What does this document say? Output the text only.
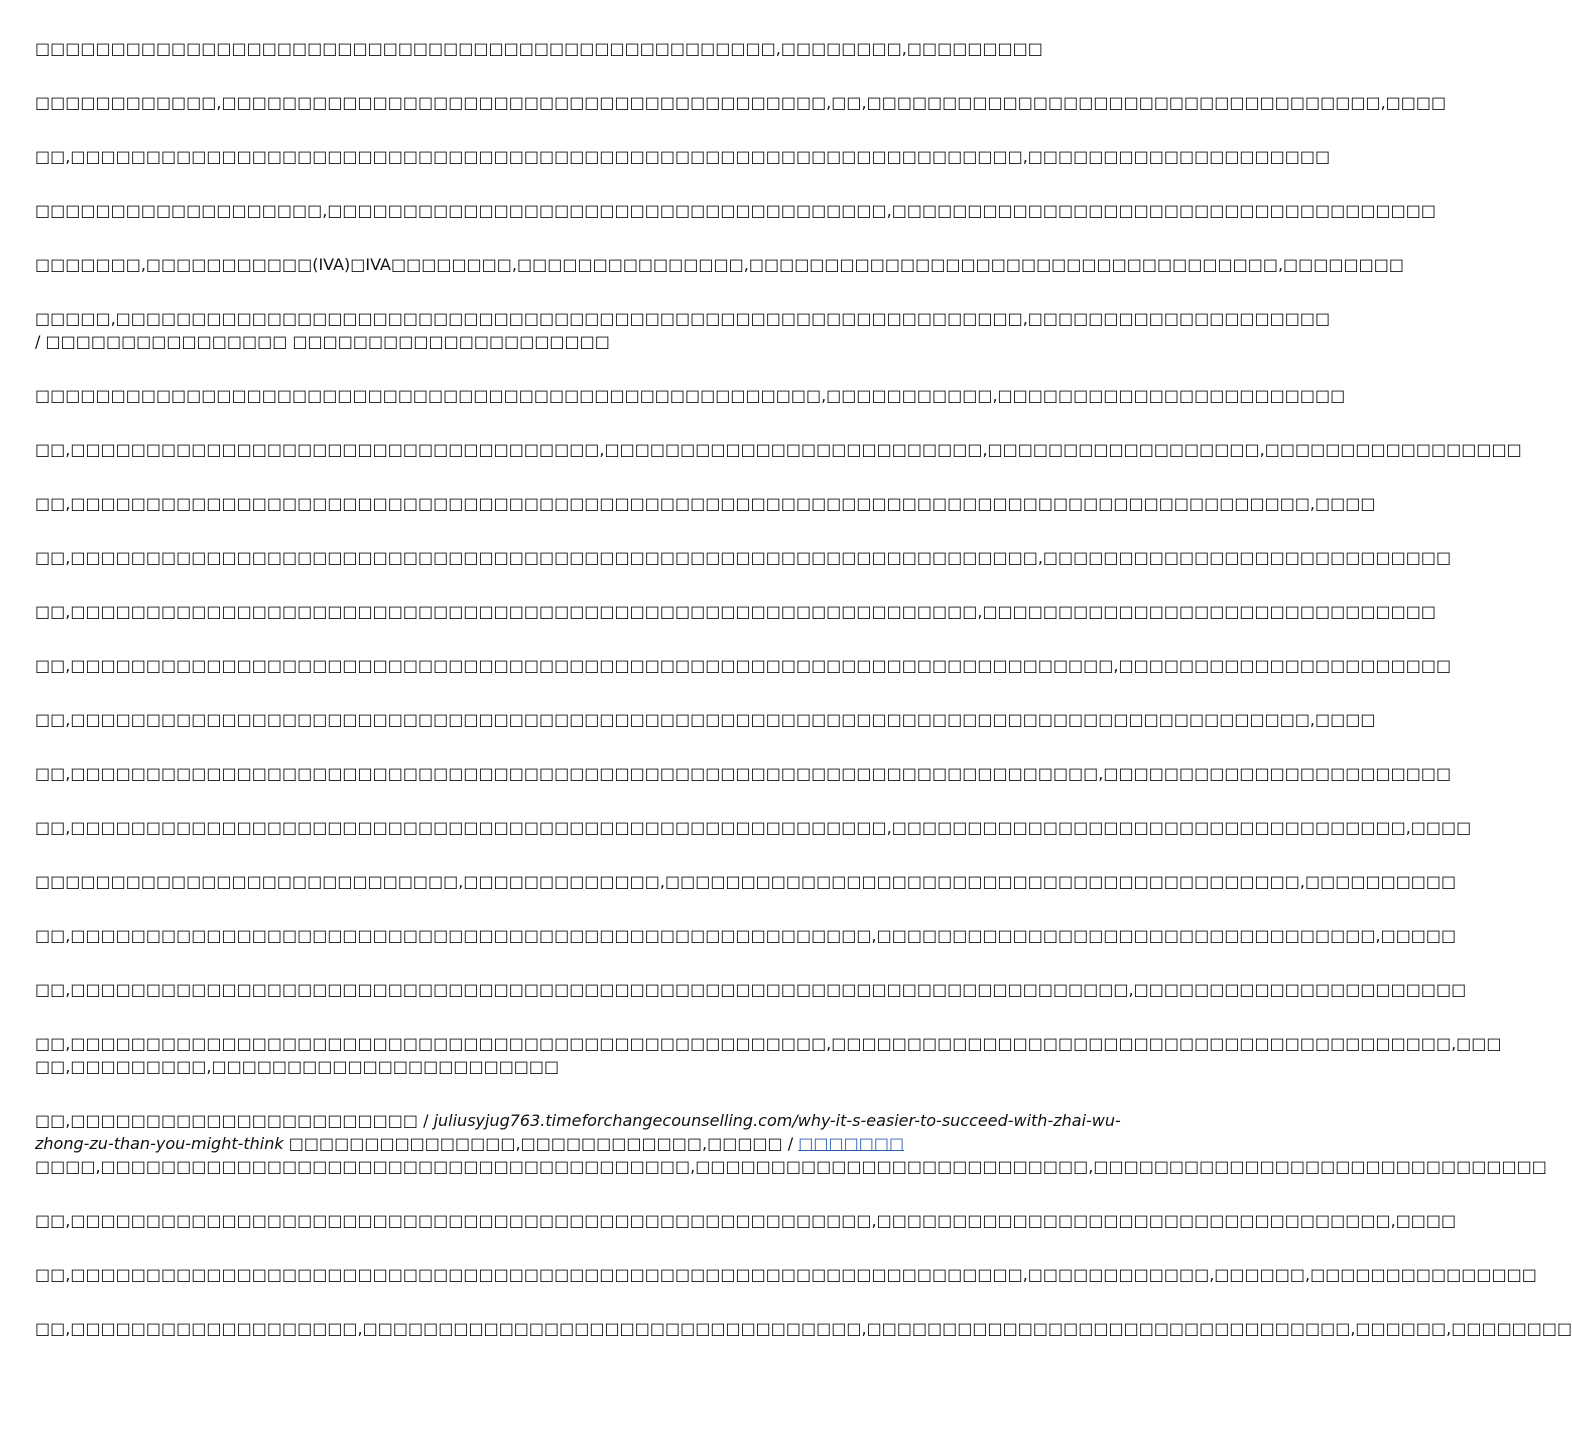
□□□□□□□□□□□□□□□□□□□□□□□□□□□□□□□□□□□□□□□□□□□□□□□□□,□□□□□□□□,□□□□□□□□□

□□□□□□□□□□□□,□□□□□□□□□□□□□□□□□□□□□□□□□□□□□□□□□□□□□□□□,□□,□□□□□□□□□□□□□□□□□□□□□□□□□□□□□□□□□□,□□□□

□□,□□□□□□□□□□□□□□□□□□□□□□□□□□□□□□□□□□□□□□□□□□□□□□□□□□□□□□□□□□□□□□□,□□□□□□□□□□□□□□□□□□□□

□□□□□□□□□□□□□□□□□□□,□□□□□□□□□□□□□□□□□□□□□□□□□□□□□□□□□□□□□,□□□□□□□□□□□□□□□□□□□□□□□□□□□□□□□□□□□□

□□□□□□□,□□□□□□□□□□□(IVA)□IVA□□□□□□□□,□□□□□□□□□□□□□□□,□□□□□□□□□□□□□□□□□□□□□□□□□□□□□□□□□□□,□□□□□□□□

□□□□□,□□□□□□□□□□□□□□□□□□□□□□□□□□□□□□□□□□□□□□□□□□□□□□□□□□□□□□□□□□□□,□□□□□□□□□□□□□□□□□□□□
/ □□□□□□□□□□□□□□□□ □□□□□□□□□□□□□□□□□□□□□

□□□□□□□□□□□□□□□□□□□□□□□□□□□□□□□□□□□□□□□□□□□□□□□□□□□□,□□□□□□□□□□□,□□□□□□□□□□□□□□□□□□□□□□□

□□,□□□□□□□□□□□□□□□□□□□□□□□□□□□□□□□□□□□,□□□□□□□□□□□□□□□□□□□□□□□□□,□□□□□□□□□□□□□□□□□□,□□□□□□□□□□□□□□□□□

□□,□□□□□□□□□□□□□□□□□□□□□□□□□□□□□□□□□□□□□□□□□□□□□□□□□□□□□□□□□□□□□□□□□□□□□□□□□□□□□□□□□□,□□□□

□□,□□□□□□□□□□□□□□□□□□□□□□□□□□□□□□□□□□□□□□□□□□□□□□□□□□□□□□□□□□□□□□□□,□□□□□□□□□□□□□□□□□□□□□□□□□□□

□□,□□□□□□□□□□□□□□□□□□□□□□□□□□□□□□□□□□□□□□□□□□□□□□□□□□□□□□□□□□□□,□□□□□□□□□□□□□□□□□□□□□□□□□□□□□□

□□,□□□□□□□□□□□□□□□□□□□□□□□□□□□□□□□□□□□□□□□□□□□□□□□□□□□□□□□□□□□□□□□□□□□□□,□□□□□□□□□□□□□□□□□□□□□□

□□,□□□□□□□□□□□□□□□□□□□□□□□□□□□□□□□□□□□□□□□□□□□□□□□□□□□□□□□□□□□□□□□□□□□□□□□□□□□□□□□□□□,□□□□

□□,□□□□□□□□□□□□□□□□□□□□□□□□□□□□□□□□□□□□□□□□□□□□□□□□□□□□□□□□□□□□□□□□□□□□,□□□□□□□□□□□□□□□□□□□□□□□

□□,□□□□□□□□□□□□□□□□□□□□□□□□□□□□□□□□□□□□□□□□□□□□□□□□□□□□□□,□□□□□□□□□□□□□□□□□□□□□□□□□□□□□□□□□□,□□□□

□□□□□□□□□□□□□□□□□□□□□□□□□□□□,□□□□□□□□□□□□□,□□□□□□□□□□□□□□□□□□□□□□□□□□□□□□□□□□□□□□□□□□,□□□□□□□□□□

□□,□□□□□□□□□□□□□□□□□□□□□□□□□□□□□□□□□□□□□□□□□□□□□□□□□□□□□,□□□□□□□□□□□□□□□□□□□□□□□□□□□□□□□□□,□□□□□

□□,□□□□□□□□□□□□□□□□□□□□□□□□□□□□□□□□□□□□□□□□□□□□□□□□□□□□□□□□□□□□□□□□□□□□□□,□□□□□□□□□□□□□□□□□□□□□□

□□,□□□□□□□□□□□□□□□□□□□□□□□□□□□□□□□□□□□□□□□□□□□□□□□□□□,□□□□□□□□□□□□□□□□□□□□□□□□□□□□□□□□□□□□□□□□□,□□□
□□,□□□□□□□□□,□□□□□□□□□□□□□□□□□□□□□□□

□□,□□□□□□□□□□□□□□□□□□□□□□□ / juliusyjug763.timeforchangecounselling.com/why-it-s-easier-to-succeed-with-zhai-wu-
zhong-zu-than-you-might-think □□□□□□□□□□□□□□□,□□□□□□□□□□□□,□□□□□ / □□□□□□□
□□□□,□□□□□□□□□□□□□□□□□□□□□□□□□□□□□□□□□□□□□□□,□□□□□□□□□□□□□□□□□□□□□□□□□□,□□□□□□□□□□□□□□□□□□□□□□□□□□□□□□

□□,□□□□□□□□□□□□□□□□□□□□□□□□□□□□□□□□□□□□□□□□□□□□□□□□□□□□□,□□□□□□□□□□□□□□□□□□□□□□□□□□□□□□□□□□,□□□□

□□,□□□□□□□□□□□□□□□□□□□□□□□□□□□□□□□□□□□□□□□□□□□□□□□□□□□□□□□□□□□□□□□,□□□□□□□□□□□□,□□□□□□,□□□□□□□□□□□□□□□

□□,□□□□□□□□□□□□□□□□□□□,□□□□□□□□□□□□□□□□□□□□□□□□□□□□□□□□□,□□□□□□□□□□□□□□□□□□□□□□□□□□□□□□□□,□□□□□□,□□□□□□□□
